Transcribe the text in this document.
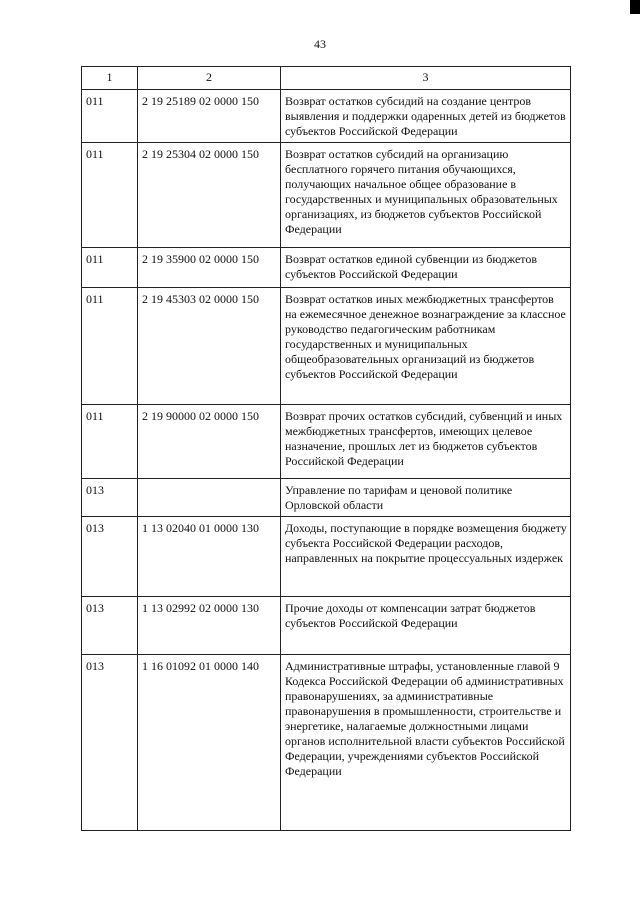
43
1	2	3
011	2 19 25189 02 0000 150	Возврат остатков субсидий на создание центров выявления и поддержки одаренных детей из бюджетов субъектов Российской Федерации
011	2 19 25304 02 0000 150	Возврат остатков субсидий на организацию бесплатного горячего питания обучающихся, получающих начальное общее образование в государственных и муниципальных образовательных организациях, из бюджетов субъектов Российской Федерации
011	2 19 35900 02 0000 150	Возврат остатков единой субвенции из бюджетов субъектов Российской Федерации
011	2 19 45303 02 0000 150	Возврат остатков иных межбюджетных трансфертов на ежемесячное денежное вознаграждение за классное руководство педагогическим работникам государственных и муниципальных общеобразовательных организаций из бюджетов субъектов Российской Федерации
011	2 19 90000 02 0000 150	Возврат прочих остатков субсидий, субвенций и иных межбюджетных трансфертов, имеющих целевое назначение, прошлых лет из бюджетов субъектов Российской Федерации
013		Управление по тарифам и ценовой политике Орловской области
013	1 13 02040 01 0000 130	Доходы, поступающие в порядке возмещения бюджету субъекта Российской Федерации расходов, направленных на покрытие процессуальных издержек
013	1 13 02992 02 0000 130	Прочие доходы от компенсации затрат бюджетов субъектов Российской Федерации
013	1 16 01092 01 0000 140	Административные штрафы, установленные главой 9 Кодекса Российской Федерации об административных правонарушениях, за административные правонарушения в промышленности, строительстве и энергетике, налагаемые должностными лицами органов исполнительной власти субъектов Российской Федерации, учреждениями субъектов Российской Федерации
